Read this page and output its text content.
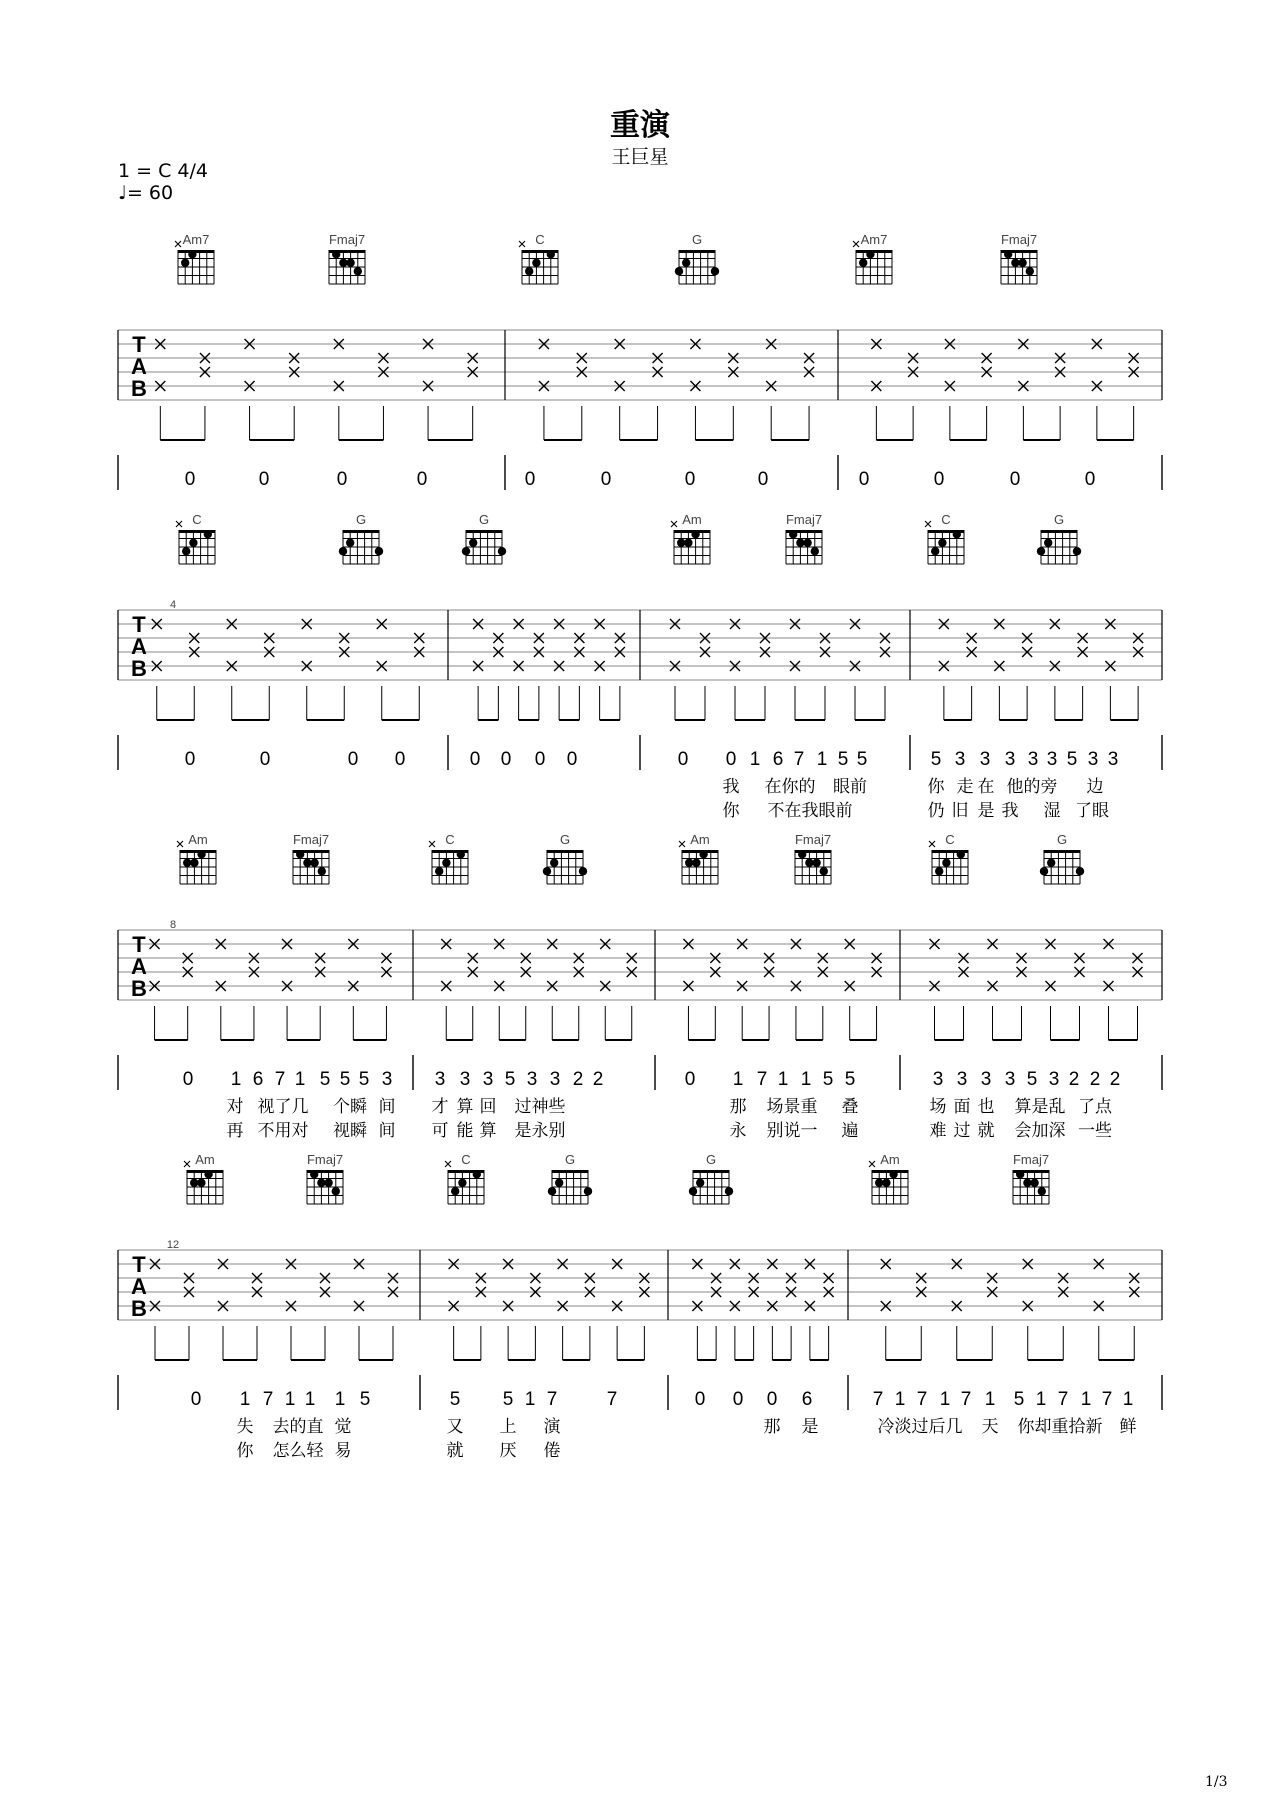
重演
王巨星
1 = C 4/4
♩= 60
Am7	Fmaj7	C	G	Am7	Fmaj7
T
A
B
0	0	0	0	0	0	0	0	0	0	0	0
C	G	G	Am	Fmaj7	C	G
T
A
B
4
0	0	0 0	0 0 0 0	0 0 1 6 7 1 5 5	5 3 3 3 3 3 5 3 3
我 在你的 眼前	你 走 在 他的旁 边
你 不在我眼前	仍 旧 是 我 湿 了眼
Am	Fmaj7	C	G	Am	Fmaj7	C	G
T
A
B
8
0 1 6 7 1 5 5 5 3 3 3 3 5 3 3 2 2	0 1 7 1 1 5 5	3 3 3 3 5 3 2 2 2
对 视了几 个瞬 间 才 算 回 过神些	那 场景重 叠	场 面 也 算是乱 了点
再 不用对 视瞬 间 可 能 算 是永别	永 别说一 遍	难 过 就 会加深 一些
Am	Fmaj7	C	G	G	Am	Fmaj7
T
A
B
12
0 1 7 1 1 1 5	5 5 1 7	7	0 0 0 6	7 1 7 1 7 1 5 1 7 1 7 1
失 去的直 觉	又 上 演	那 是	冷淡过后几 天 你却重拾新 鲜
你 怎么轻 易	就 厌 倦
1/3
